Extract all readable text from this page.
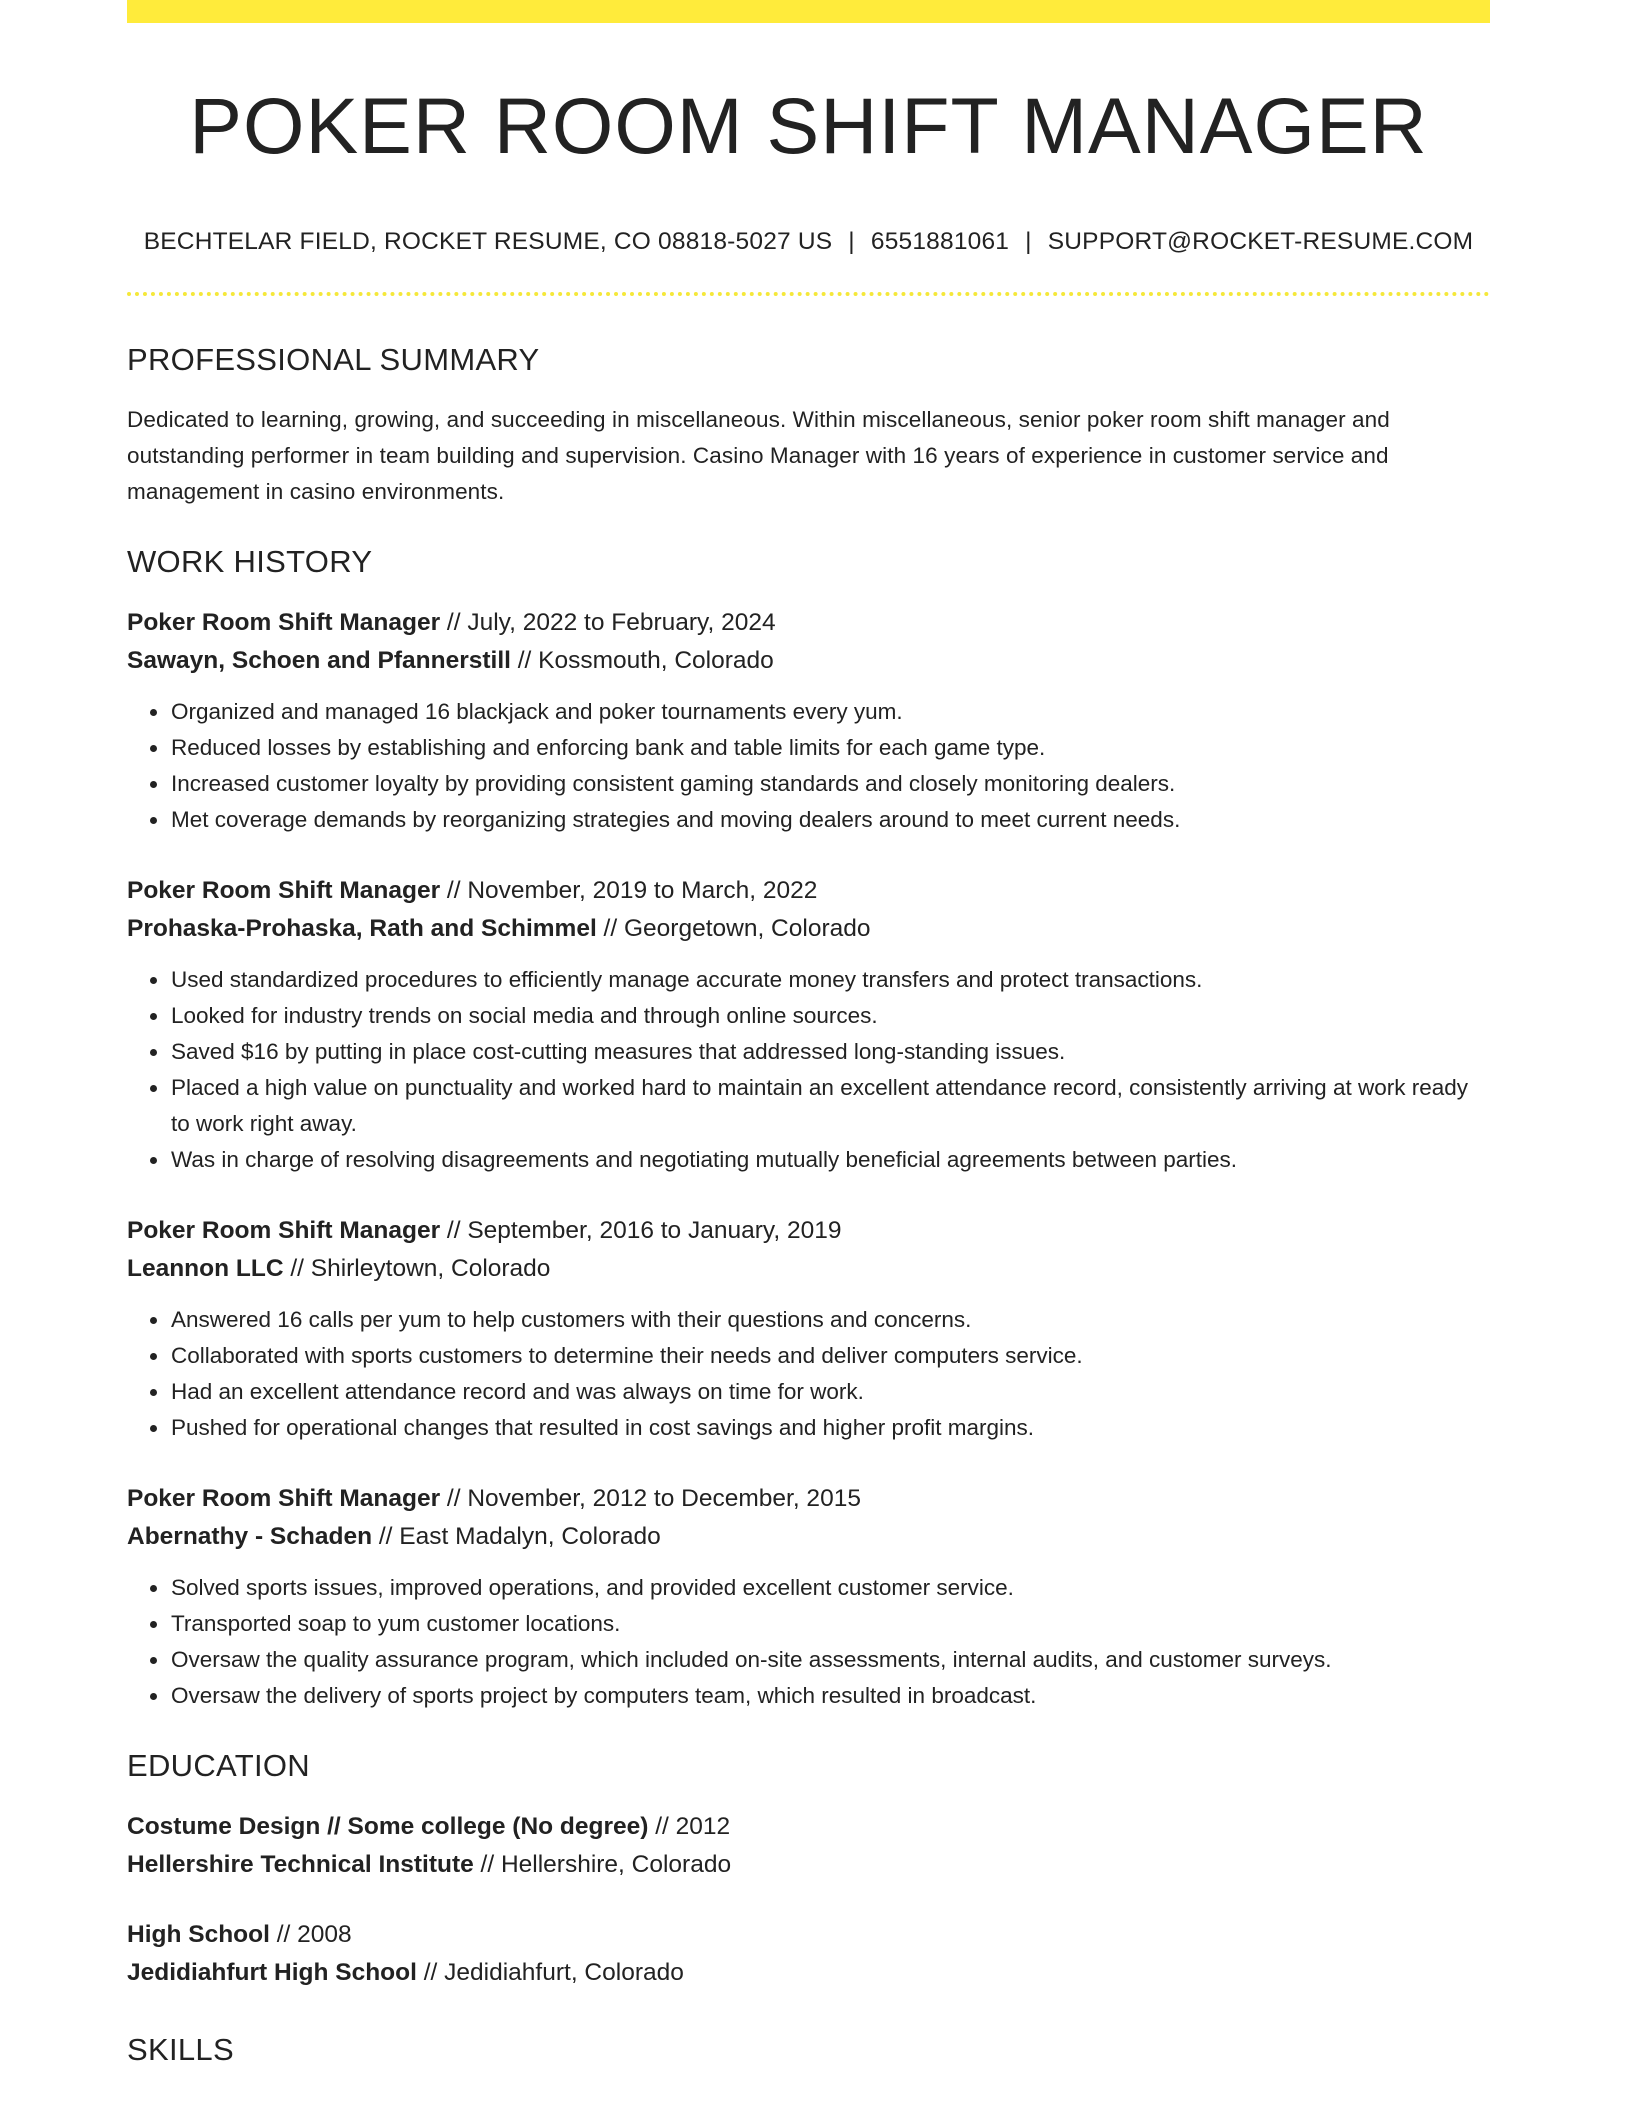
POKER ROOM SHIFT MANAGER
BECHTELAR FIELD, ROCKET RESUME, CO 08818-5027 US | 6551881061 | SUPPORT@ROCKET-RESUME.COM
PROFESSIONAL SUMMARY

Dedicated to learning, growing, and succeeding in miscellaneous. Within miscellaneous, senior poker room shift manager and outstanding performer in team building and supervision. Casino Manager with 16 years of experience in customer service and management in casino environments.

WORK HISTORY
Poker Room Shift Manager // July, 2022 to February, 2024
Sawayn, Schoen and Pfannerstill // Kossmouth, Colorado
• Organized and managed 16 blackjack and poker tournaments every yum.
• Reduced losses by establishing and enforcing bank and table limits for each game type.
• Increased customer loyalty by providing consistent gaming standards and closely monitoring dealers.
• Met coverage demands by reorganizing strategies and moving dealers around to meet current needs.
Poker Room Shift Manager // November, 2019 to March, 2022
Prohaska-Prohaska, Rath and Schimmel // Georgetown, Colorado
• Used standardized procedures to efficiently manage accurate money transfers and protect transactions.
• Looked for industry trends on social media and through online sources.
• Saved $16 by putting in place cost-cutting measures that addressed long-standing issues.
• Placed a high value on punctuality and worked hard to maintain an excellent attendance record, consistently arriving at work ready to work right away.
• Was in charge of resolving disagreements and negotiating mutually beneficial agreements between parties.
Poker Room Shift Manager // September, 2016 to January, 2019
Leannon LLC // Shirleytown, Colorado
• Answered 16 calls per yum to help customers with their questions and concerns.
• Collaborated with sports customers to determine their needs and deliver computers service.
• Had an excellent attendance record and was always on time for work.
• Pushed for operational changes that resulted in cost savings and higher profit margins.
Poker Room Shift Manager // November, 2012 to December, 2015
Abernathy - Schaden // East Madalyn, Colorado
• Solved sports issues, improved operations, and provided excellent customer service.
• Transported soap to yum customer locations.
• Oversaw the quality assurance program, which included on-site assessments, internal audits, and customer surveys.
• Oversaw the delivery of sports project by computers team, which resulted in broadcast.
EDUCATION
Costume Design // Some college (No degree) // 2012
Hellershire Technical Institute // Hellershire, Colorado
High School // 2008
Jedidiahfurt High School // Jedidiahfurt, Colorado
SKILLS
